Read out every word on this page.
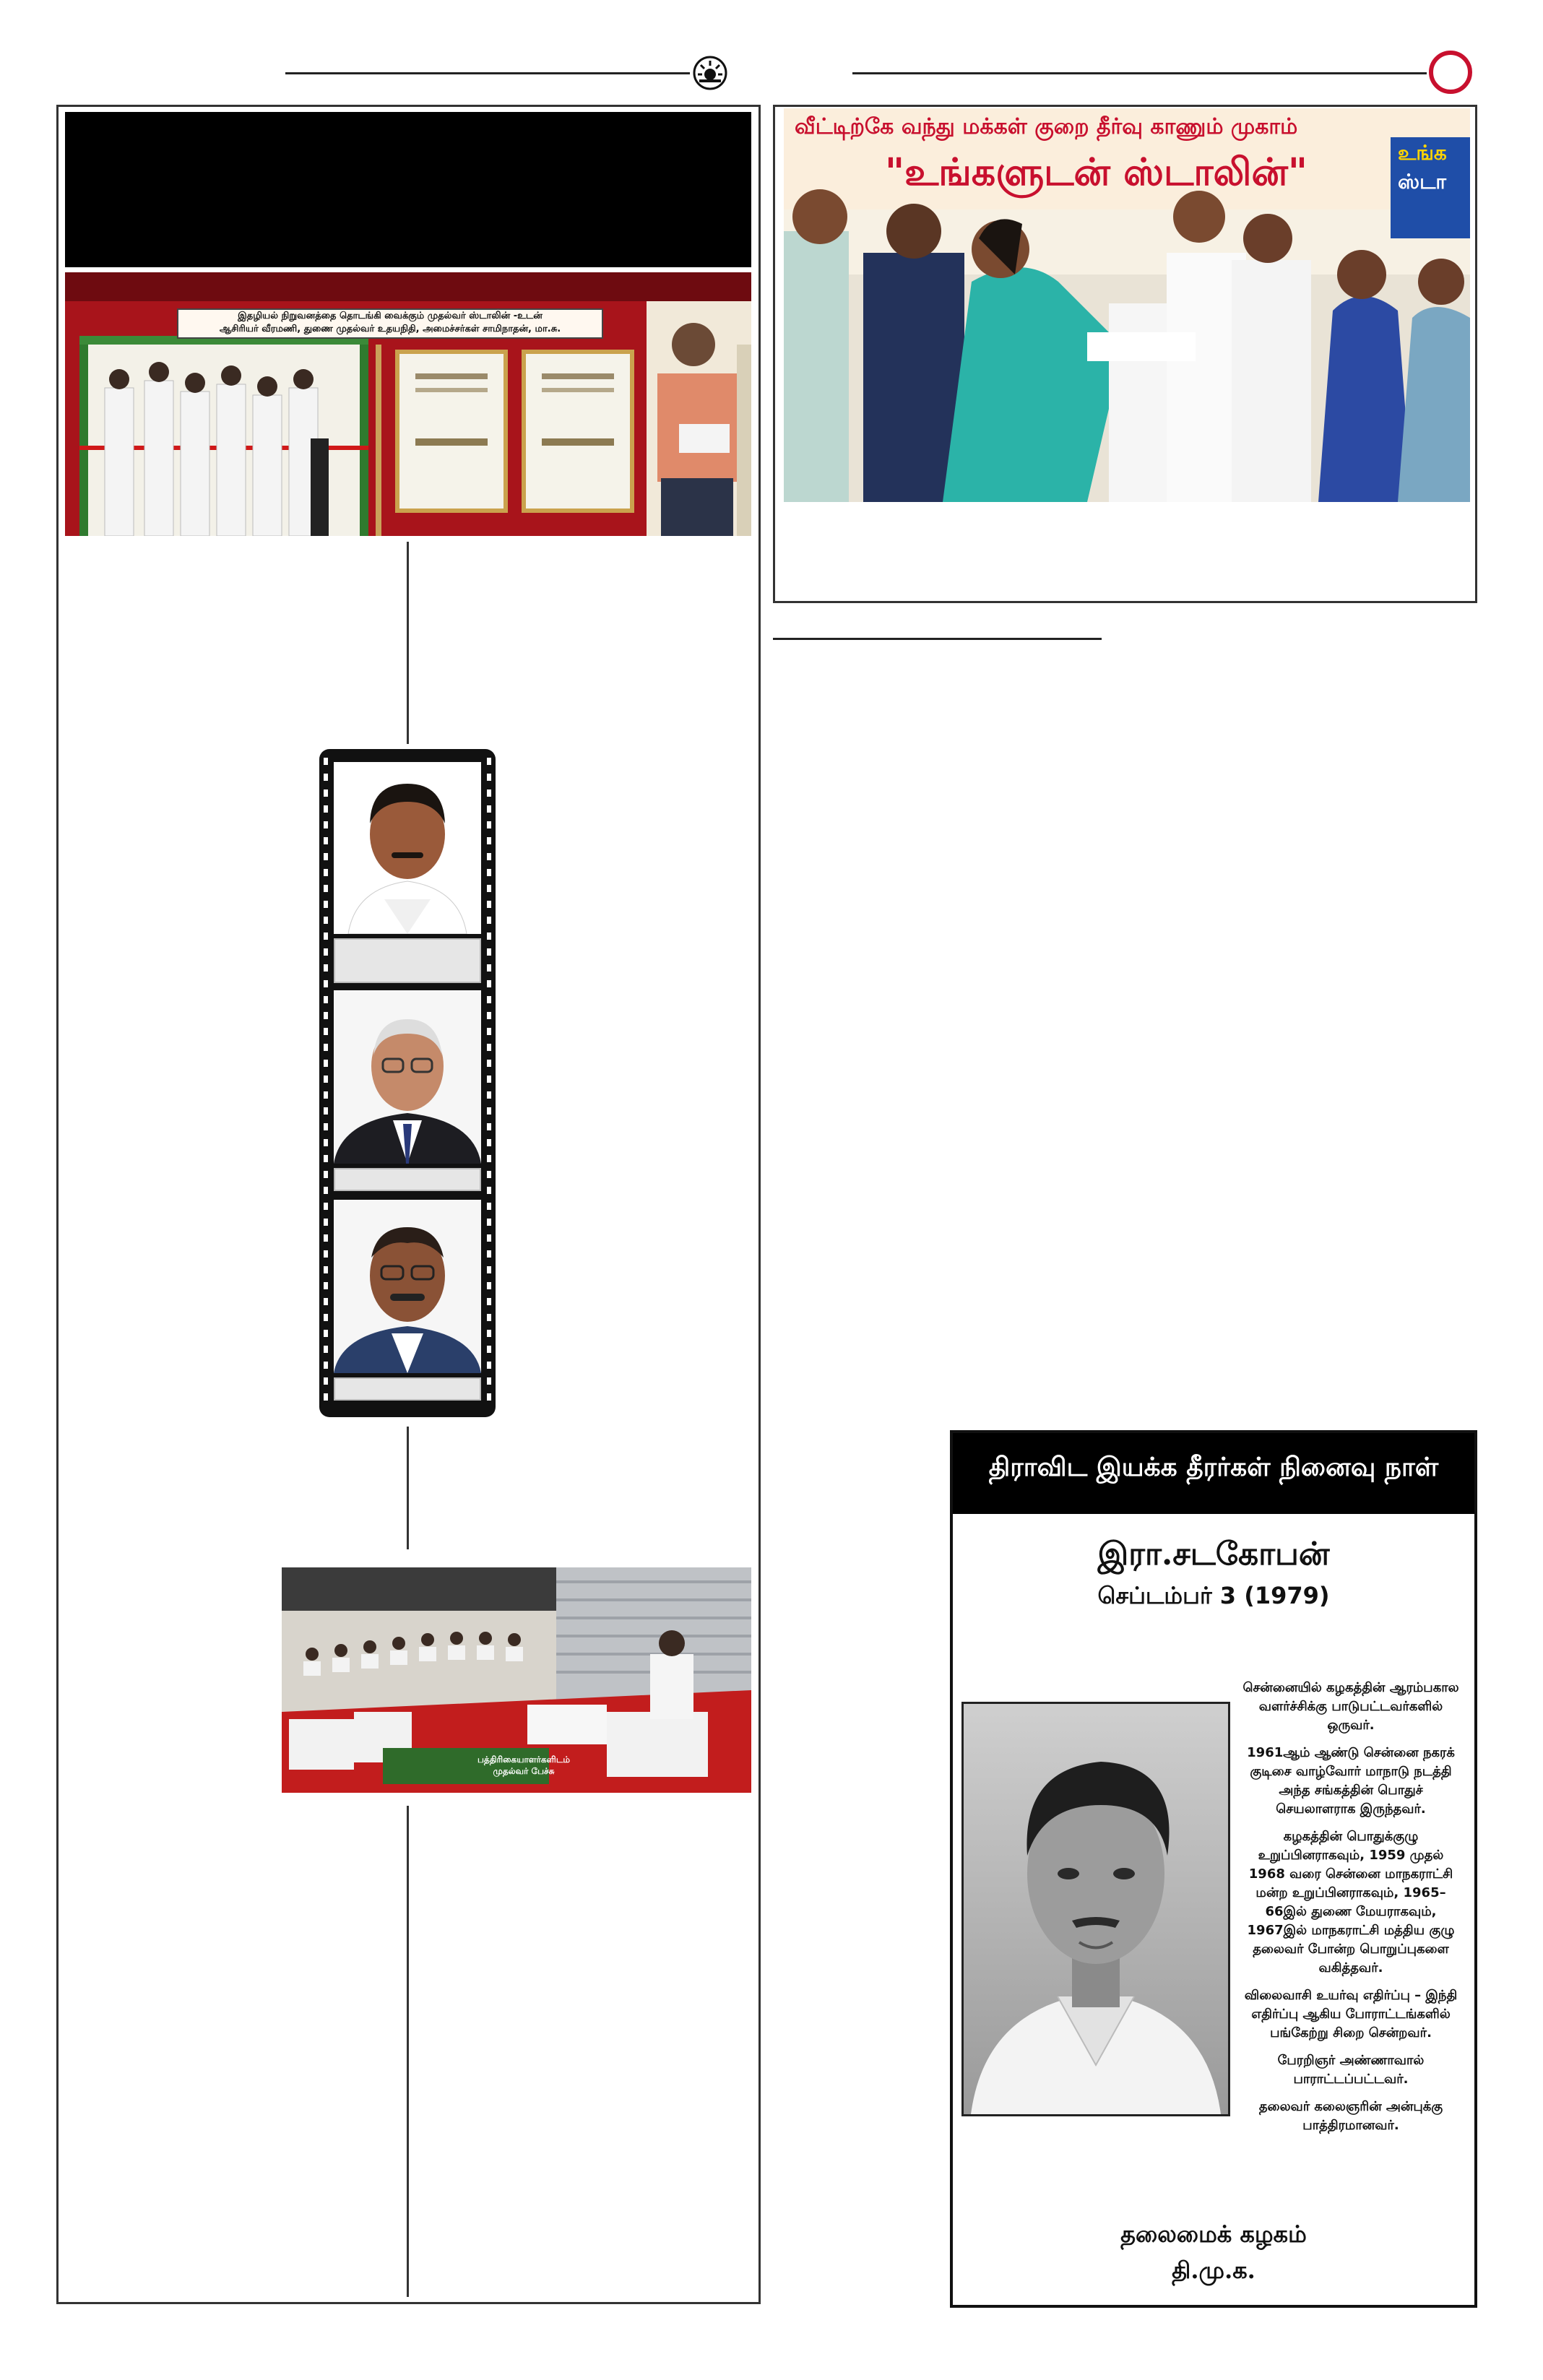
இதழியல் நிறுவனத்தை தொடங்கி வைக்கும் முதல்வர் ஸ்டாலின் -உடன்
ஆசிரியர் வீரமணி, துணை முதல்வர் உதயநிதி, அமைச்சர்கள் சாமிநாதன், மா.சு.
பத்திரிகையாளர்களிடம்
முதல்வர் பேச்சு
வீட்டிற்கே வந்து மக்கள் குறை தீர்வு காணும் முகாம்
"உங்களுடன் ஸ்டாலின்"	உங்க
ஸ்டா
திராவிட இயக்க தீரர்கள் நினைவு நாள்
இரா.சடகோபன்
செப்டம்பர் 3 (1979)

சென்னையில் கழகத்தின் ஆரம்பகால வளர்ச்சிக்கு பாடுபட்டவர்களில் ஒருவர்.

1961ஆம் ஆண்டு சென்னை நகரக் குடிசை வாழ்வோர் மாநாடு நடத்தி அந்த சங்கத்தின் பொதுச் செயலாளராக இருந்தவர்.

கழகத்தின் பொதுக்குழு உறுப்பினராகவும், 1959 முதல் 1968 வரை சென்னை மாநகராட்சி மன்ற உறுப்பினராகவும், 1965–66இல் துணை மேயராகவும், 1967இல் மாநகராட்சி மத்திய குழு தலைவர் போன்ற பொறுப்புகளை வகித்தவர்.

விலைவாசி உயர்வு எதிர்ப்பு – இந்தி எதிர்ப்பு ஆகிய போராட்டங்களில் பங்கேற்று சிறை சென்றவர்.

பேரறிஞர் அண்ணாவால் பாராட்டப்பட்டவர்.

தலைவர் கலைஞரின் அன்புக்கு பாத்திரமானவர்.

தலைமைக் கழகம்
தி.மு.க.
